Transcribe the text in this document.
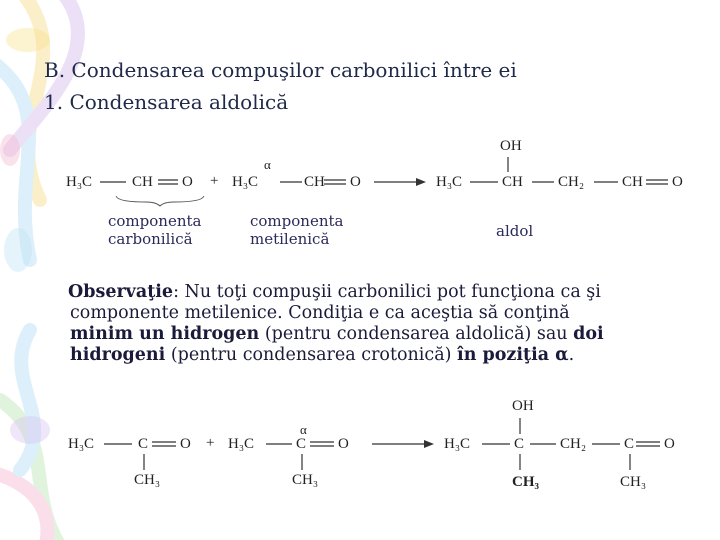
B. Condensarea compuşilor carbonilici între ei
1. Condensarea aldolică
H₃C	CH O +
α
H₃C	CH O
OH
H₃C	CH CH₂	CH O
componenta
carbonilică
componenta
metilenică	aldol
Observaţie: Nu toţi compuşii carbonilici pot funcţiona ca şi
componente metilenice. Condiţia e ca aceştia să conţină
minim un hidrogen (pentru condensarea aldolică) sau doi
hidrogeni (pentru condensarea crotonică) în poziţia α.
H₃C	C O
CH₃
+
α
H₃C	C O
CH₃
OH
H₃C	C CH₂	C O
CH₃	CH₃
